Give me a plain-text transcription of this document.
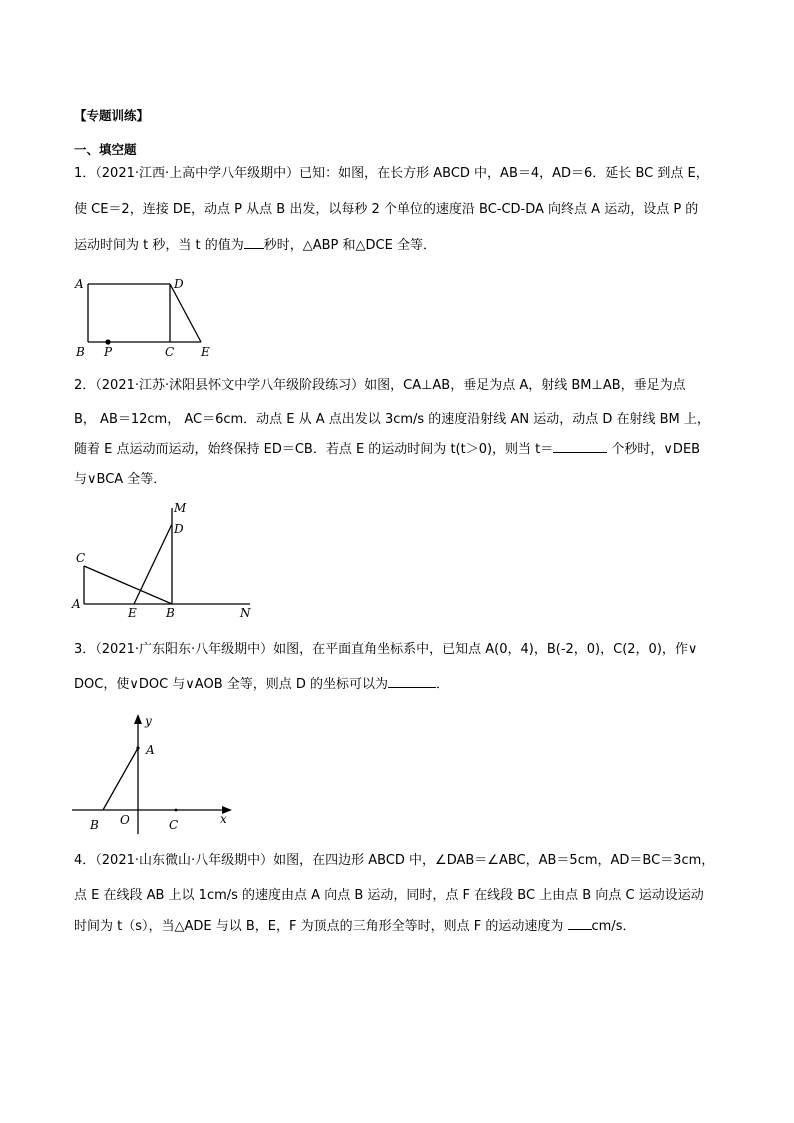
【专题训练】
一、填空题
1．（2021·江西·上高中学八年级期中）已知：如图，在长方形 ABCD 中，AB＝4，AD＝6．延长 BC 到点 E，
使 CE＝2，连接 DE，动点 P 从点 B 出发，以每秒 2 个单位的速度沿 BC-CD-DA 向终点 A 运动，设点 P 的
运动时间为 t 秒，当 t 的值为 秒时，△ABP 和△DCE 全等．
A	D
B P	C E
2．（2021·江苏·沭阳县怀文中学八年级阶段练习）如图，CA⊥AB，垂足为点 A，射线 BM⊥AB，垂足为点
B， AB＝12cm， AC＝6cm．动点 E 从 A 点出发以 3cm/s 的速度沿射线 AN 运动，动点 D 在射线 BM 上，
随着 E 点运动而运动，始终保持 ED＝CB．若点 E 的运动时间为 t(t＞0)，则当 t＝	个秒时，∨DEB
与∨BCA 全等．
M
D
C
A
E B	N
3．（2021·广东阳东·八年级期中）如图，在平面直角坐标系中，已知点 A(0，4)，B(-2，0)，C(2，0)，作∨
DOC，使∨DOC 与∨AOB 全等，则点 D 的坐标可以为	．
y
A
B O	C	x
4．（2021·山东微山·八年级期中）如图，在四边形 ABCD 中，∠DAB＝∠ABC，AB＝5cm，AD＝BC＝3cm，
点 E 在线段 AB 上以 1cm/s 的速度由点 A 向点 B 运动，同时，点 F 在线段 BC 上由点 B 向点 C 运动设运动
时间为 t（s），当△ADE 与以 B，E，F 为顶点的三角形全等时，则点 F 的运动速度为 cm/s．
